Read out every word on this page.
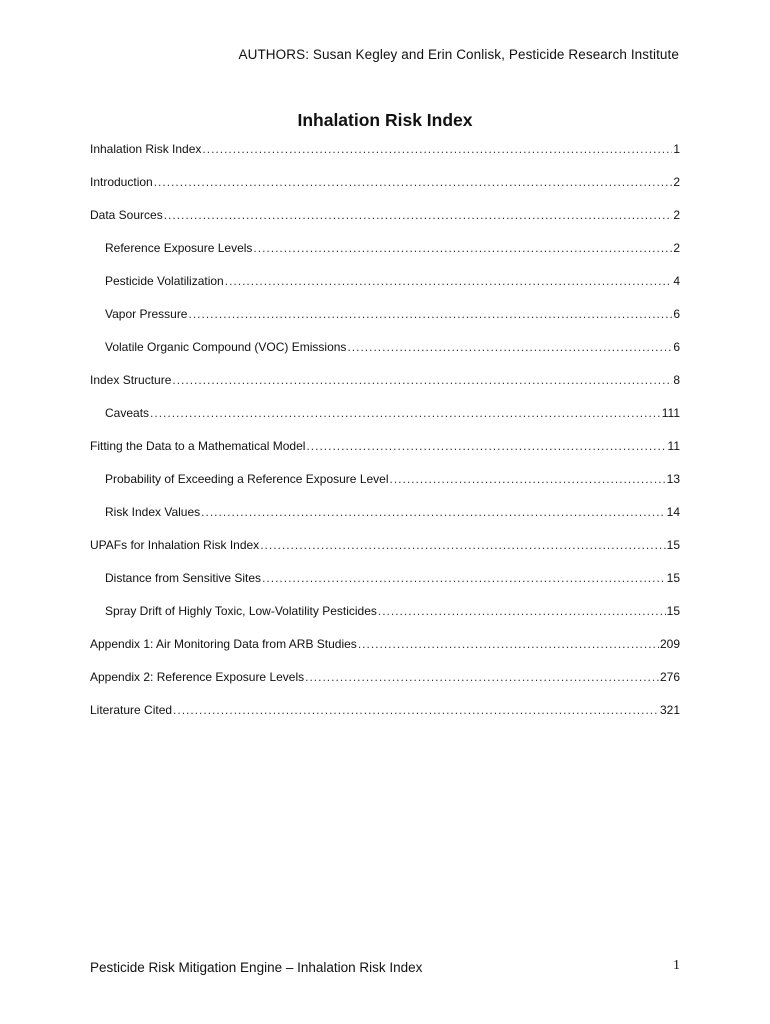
AUTHORS: Susan Kegley and Erin Conlisk, Pesticide Research Institute
Inhalation Risk Index
Inhalation Risk Index .....	1
Introduction .....	2
Data Sources .....	2
Reference Exposure Levels .....	2
Pesticide Volatilization .....	4
Vapor Pressure .....	6
Volatile Organic Compound (VOC) Emissions .....	6
Index Structure .....	8
Caveats .....	111
Fitting the Data to a Mathematical Model .....	11
Probability of Exceeding a Reference Exposure Level .....	13
Risk Index Values .....	14
UPAFs for Inhalation Risk Index .....	15
Distance from Sensitive Sites .....	15
Spray Drift of Highly Toxic, Low-Volatility Pesticides .....	15
Appendix 1: Air Monitoring Data from ARB Studies .....	209
Appendix 2: Reference Exposure Levels .....	276
Literature Cited .....	321
Pesticide Risk Mitigation Engine – Inhalation Risk Index	1
